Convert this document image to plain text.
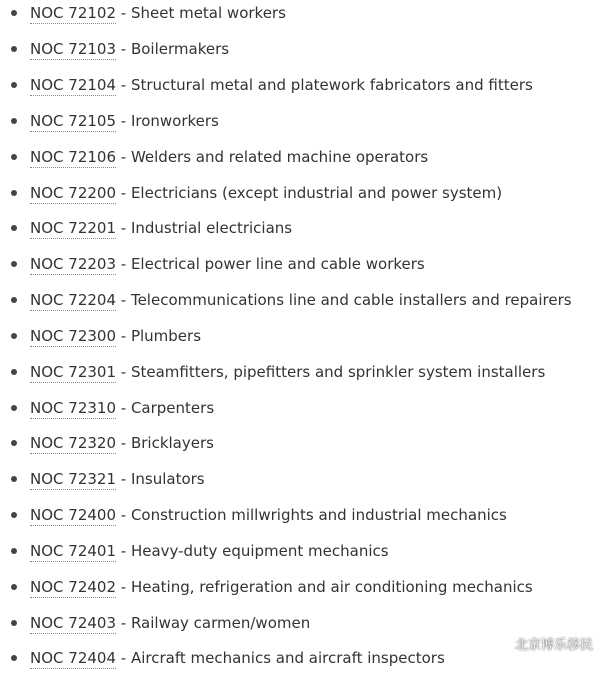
NOC 72102 - Sheet metal workers
NOC 72103 - Boilermakers
NOC 72104 - Structural metal and platework fabricators and fitters
NOC 72105 - Ironworkers
NOC 72106 - Welders and related machine operators
NOC 72200 - Electricians (except industrial and power system)
NOC 72201 - Industrial electricians
NOC 72203 - Electrical power line and cable workers
NOC 72204 - Telecommunications line and cable installers and repairers
NOC 72300 - Plumbers
NOC 72301 - Steamfitters, pipefitters and sprinkler system installers
NOC 72310 - Carpenters
NOC 72320 - Bricklayers
NOC 72321 - Insulators
NOC 72400 - Construction millwrights and industrial mechanics
NOC 72401 - Heavy-duty equipment mechanics
NOC 72402 - Heating, refrigeration and air conditioning mechanics
NOC 72403 - Railway carmen/women
NOC 72404 - Aircraft mechanics and aircraft inspectors
北京博乐移民
